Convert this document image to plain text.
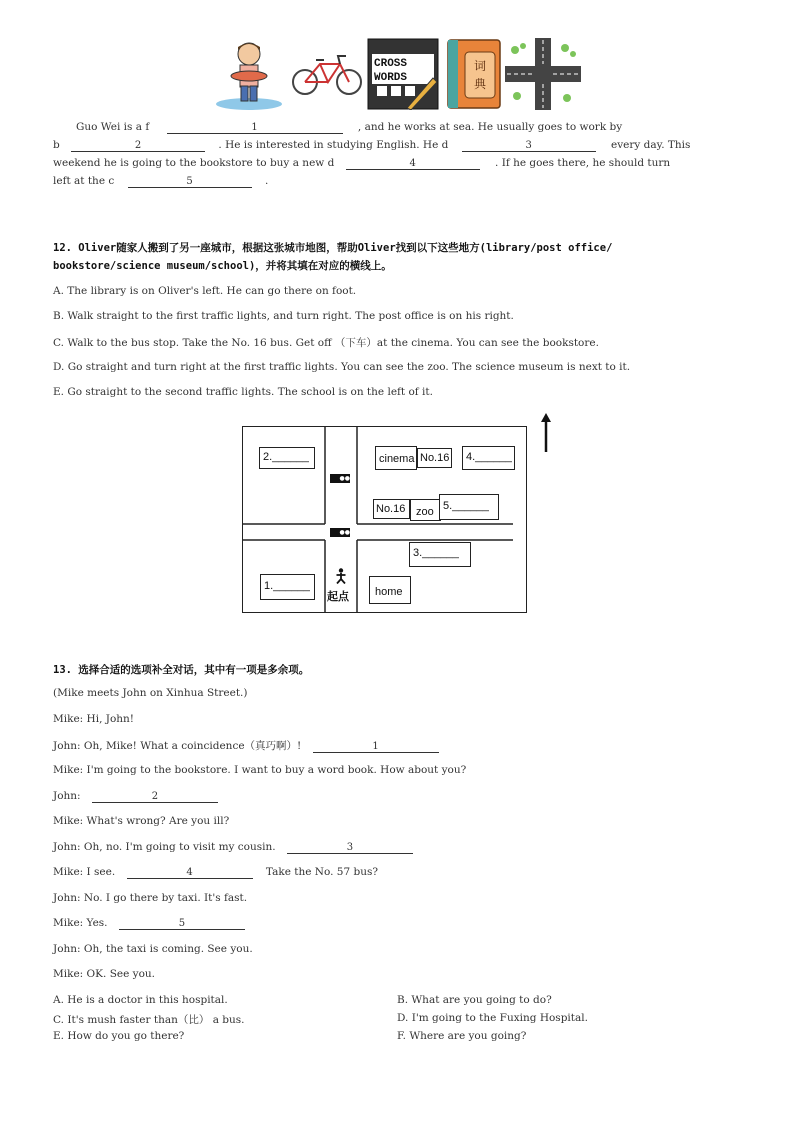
CROSS
WORDS
词
典
Guo Wei is a f	1	, and he works at sea. He usually goes to work by
b	2	. He is interested in studying English. He d	3	every day. This
weekend he is going to the bookstore to buy a new d	4	. If he goes there, he should turn
left at the c	5	.
12. Oliver随家人搬到了另一座城市，根据这张城市地图，帮助Oliver找到以下这些地方(library/post office/
bookstore/science museum/school)，并将其填在对应的横线上。
A. The library is on Oliver's left. He can go there on foot.
B. Walk straight to the first traffic lights, and turn right. The post office is on his right.
C. Walk to the bus stop. Take the No. 16 bus. Get off （下车）at the cinema. You can see the bookstore.
D. Go straight and turn right at the first traffic lights. You can see the zoo. The science museum is next to it.
E. Go straight to the second traffic lights. The school is on the left of it.
●●
●●
2.______	cinema No.16 4.______
No.16 zoo 5.______
3.______
1.______	home
起点
13. 选择合适的选项补全对话，其中有一项是多余项。
(Mike meets John on Xinhua Street.)
Mike: Hi, John!
John: Oh, Mike! What a coincidence（真巧啊）!	1
Mike: I'm going to the bookstore. I want to buy a word book. How about you?
John:	2
Mike: What's wrong? Are you ill?
John: Oh, no. I'm going to visit my cousin.	3
Mike: I see.	4	Take the No. 57 bus?
John: No. I go there by taxi. It's fast.
Mike: Yes.	5
John: Oh, the taxi is coming. See you.
Mike: OK. See you.
A. He is a doctor in this hospital.	B. What are you going to do?
C. It's mush faster than（比） a bus.	D. I'm going to the Fuxing Hospital.
E. How do you go there?	F. Where are you going?
